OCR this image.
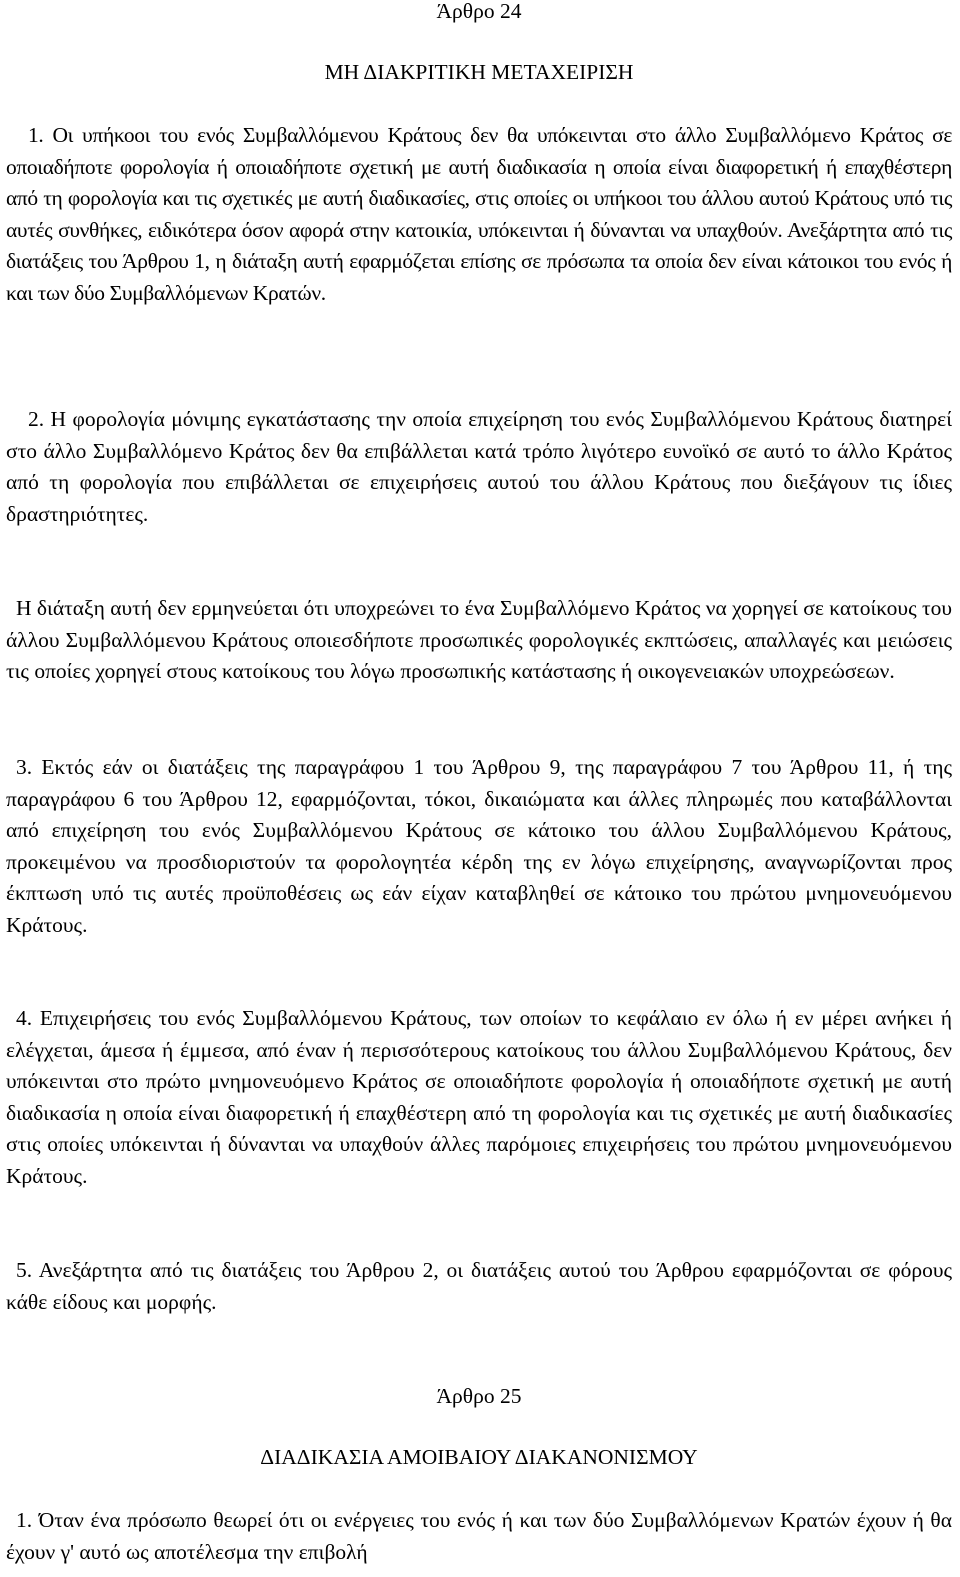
Άρθρο 24
ΜΗ ΔΙΑΚΡΙΤΙΚΗ ΜΕΤΑΧΕΙΡΙΣΗ

1. Οι υπήκοοι του ενός Συμβαλλόμενου Κράτους δεν θα υπόκεινται στο άλλο Συμβαλλόμενο Κράτος σε οποιαδήποτε φορολογία ή οποιαδήποτε σχετική με αυτή διαδικασία η οποία είναι διαφορετική ή επαχθέστερη από τη φορολογία και τις σχετικές με αυτή διαδικασίες, στις οποίες οι υπήκοοι του άλλου αυτού Κράτους υπό τις αυτές συνθήκες, ειδικότερα όσον αφορά στην κατοικία, υπόκεινται ή δύνανται να υπαχθούν. Ανεξάρτητα από τις διατάξεις του Άρθρου 1, η διάταξη αυτή εφαρμόζεται επίσης σε πρόσωπα τα οποία δεν είναι κάτοικοι του ενός ή και των δύο Συμβαλλόμενων Κρατών.

2. Η φορολογία μόνιμης εγκατάστασης την οποία επιχείρηση του ενός Συμβαλλόμενου Κράτους διατηρεί στο άλλο Συμβαλλόμενο Κράτος δεν θα επιβάλλεται κατά τρόπο λιγότερο ευνοϊκό σε αυτό το άλλο Κράτος από τη φορολογία που επιβάλλεται σε επιχειρήσεις αυτού του άλλου Κράτους που διεξάγουν τις ίδιες δραστηριότητες.

Η διάταξη αυτή δεν ερμηνεύεται ότι υποχρεώνει το ένα Συμβαλλόμενο Κράτος να χορηγεί σε κατοίκους του άλλου Συμβαλλόμενου Κράτους οποιεσδήποτε προσωπικές φορολογικές εκπτώσεις, απαλλαγές και μειώσεις τις οποίες χορηγεί στους κατοίκους του λόγω προσωπικής κατάστασης ή οικογενειακών υποχρεώσεων.

3. Εκτός εάν οι διατάξεις της παραγράφου 1 του Άρθρου 9, της παραγράφου 7 του Άρθρου 11, ή της παραγράφου 6 του Άρθρου 12, εφαρμόζονται, τόκοι, δικαιώματα και άλλες πληρωμές που καταβάλλονται από επιχείρηση του ενός Συμβαλλόμενου Κράτους σε κάτοικο του άλλου Συμβαλλόμενου Κράτους, προκειμένου να προσδιοριστούν τα φορολογητέα κέρδη της εν λόγω επιχείρησης, αναγνωρίζονται προς έκπτωση υπό τις αυτές προϋποθέσεις ως εάν είχαν καταβληθεί σε κάτοικο του πρώτου μνημονευόμενου Κράτους.

4. Επιχειρήσεις του ενός Συμβαλλόμενου Κράτους, των οποίων το κεφάλαιο εν όλω ή εν μέρει ανήκει ή ελέγχεται, άμεσα ή έμμεσα, από έναν ή περισσότερους κατοίκους του άλλου Συμβαλλόμενου Κράτους, δεν υπόκεινται στο πρώτο μνημονευόμενο Κράτος σε οποιαδήποτε φορολογία ή οποιαδήποτε σχετική με αυτή διαδικασία η οποία είναι διαφορετική ή επαχθέστερη από τη φορολογία και τις σχετικές με αυτή διαδικασίες στις οποίες υπόκεινται ή δύνανται να υπαχθούν άλλες παρόμοιες επιχειρήσεις του πρώτου μνημονευόμενου Κράτους.

5. Ανεξάρτητα από τις διατάξεις του Άρθρου 2, οι διατάξεις αυτού του Άρθρου εφαρμόζονται σε φόρους κάθε είδους και μορφής.

Άρθρο 25
ΔΙΑΔΙΚΑΣΙΑ ΑΜΟΙΒΑΙΟΥ ΔΙΑΚΑΝΟΝΙΣΜΟΥ

1. Όταν ένα πρόσωπο θεωρεί ότι οι ενέργειες του ενός ή και των δύο Συμβαλλόμενων Κρατών έχουν ή θα έχουν γ' αυτό ως αποτέλεσμα την επιβολή
